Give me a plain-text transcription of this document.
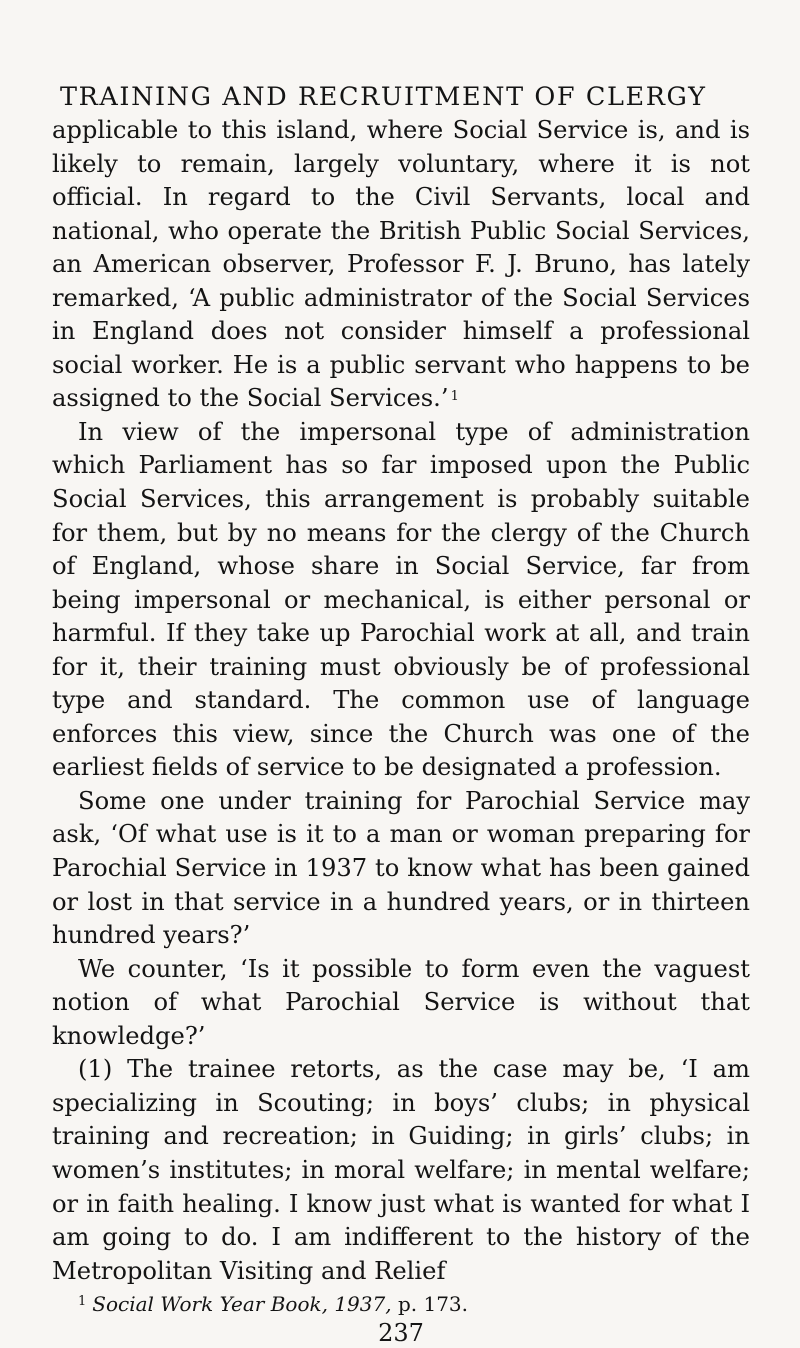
TRAINING AND RECRUITMENT OF CLERGY

applicable to this island, where Social Service is, and is likely to remain, largely voluntary, where it is not official. In regard to the Civil Servants, local and national, who operate the British Public Social Services, an American observer, Professor F. J. Bruno, has lately remarked, ‘A public administrator of the Social Services in England does not consider himself a professional social worker. He is a public servant who happens to be assigned to the Social Services.’ $^1$

In view of the impersonal type of administration which Parliament has so far imposed upon the Public Social Services, this arrangement is probably suitable for them, but by no means for the clergy of the Church of England, whose share in Social Service, far from being impersonal or mechanical, is either personal or harmful. If they take up Parochial work at all, and train for it, their training must obviously be of professional type and standard. The common use of language enforces this view, since the Church was one of the earliest fields of service to be designated a profession.

Some one under training for Parochial Service may ask, ‘Of what use is it to a man or woman preparing for Parochial Service in 1937 to know what has been gained or lost in that service in a hundred years, or in thirteen hundred years?’

We counter, ‘Is it possible to form even the vaguest notion of what Parochial Service is without that knowledge?’

(1) The trainee retorts, as the case may be, ‘I am specializing in Scouting; in boys’ clubs; in physical training and recreation; in Guiding; in girls’ clubs; in women’s institutes; in moral welfare; in mental welfare; or in faith healing. I know just what is wanted for what I am going to do. I am indifferent to the history of the Metropolitan Visiting and Relief

$^1$ Social Work Year Book, 1937, p. 173.
237
